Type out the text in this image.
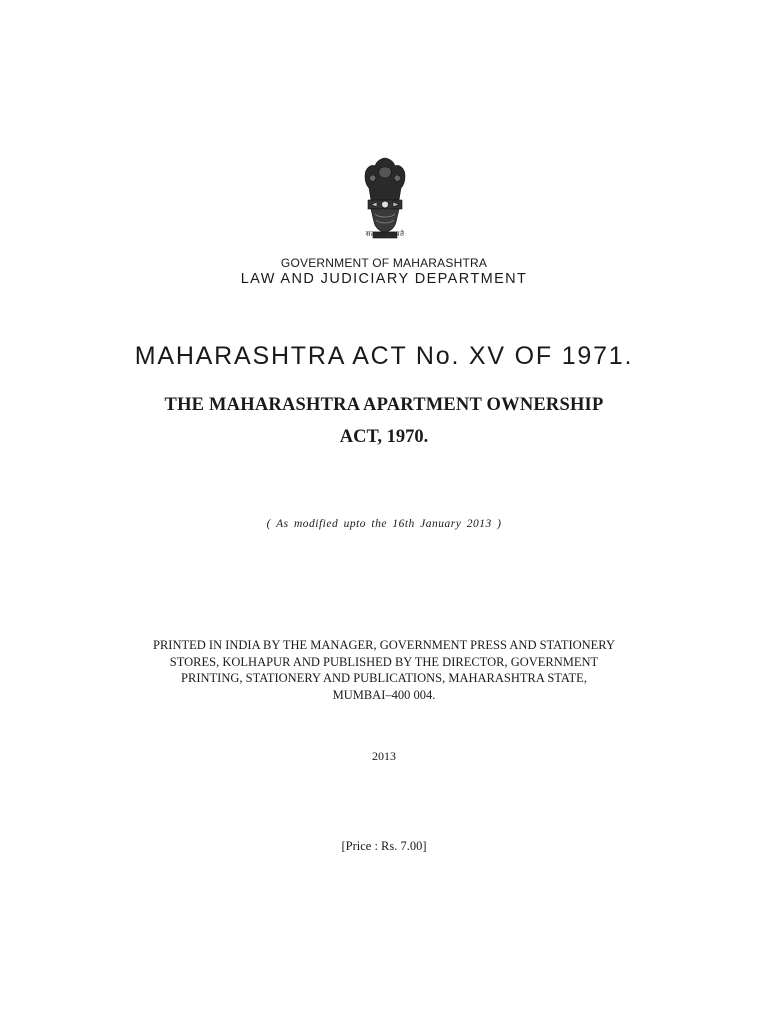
सत्यमेव जयते
GOVERNMENT OF MAHARASHTRA
LAW AND JUDICIARY DEPARTMENT
MAHARASHTRA ACT No. XV OF 1971.
THE MAHARASHTRA APARTMENT OWNERSHIP
ACT, 1970.
( As modified upto the 16th January 2013 )
PRINTED IN INDIA BY THE MANAGER, GOVERNMENT PRESS AND STATIONERY
STORES, KOLHAPUR AND PUBLISHED BY THE DIRECTOR, GOVERNMENT
PRINTING, STATIONERY AND PUBLICATIONS, MAHARASHTRA STATE,
MUMBAI–400 004.
2013
[Price : Rs. 7.00]
